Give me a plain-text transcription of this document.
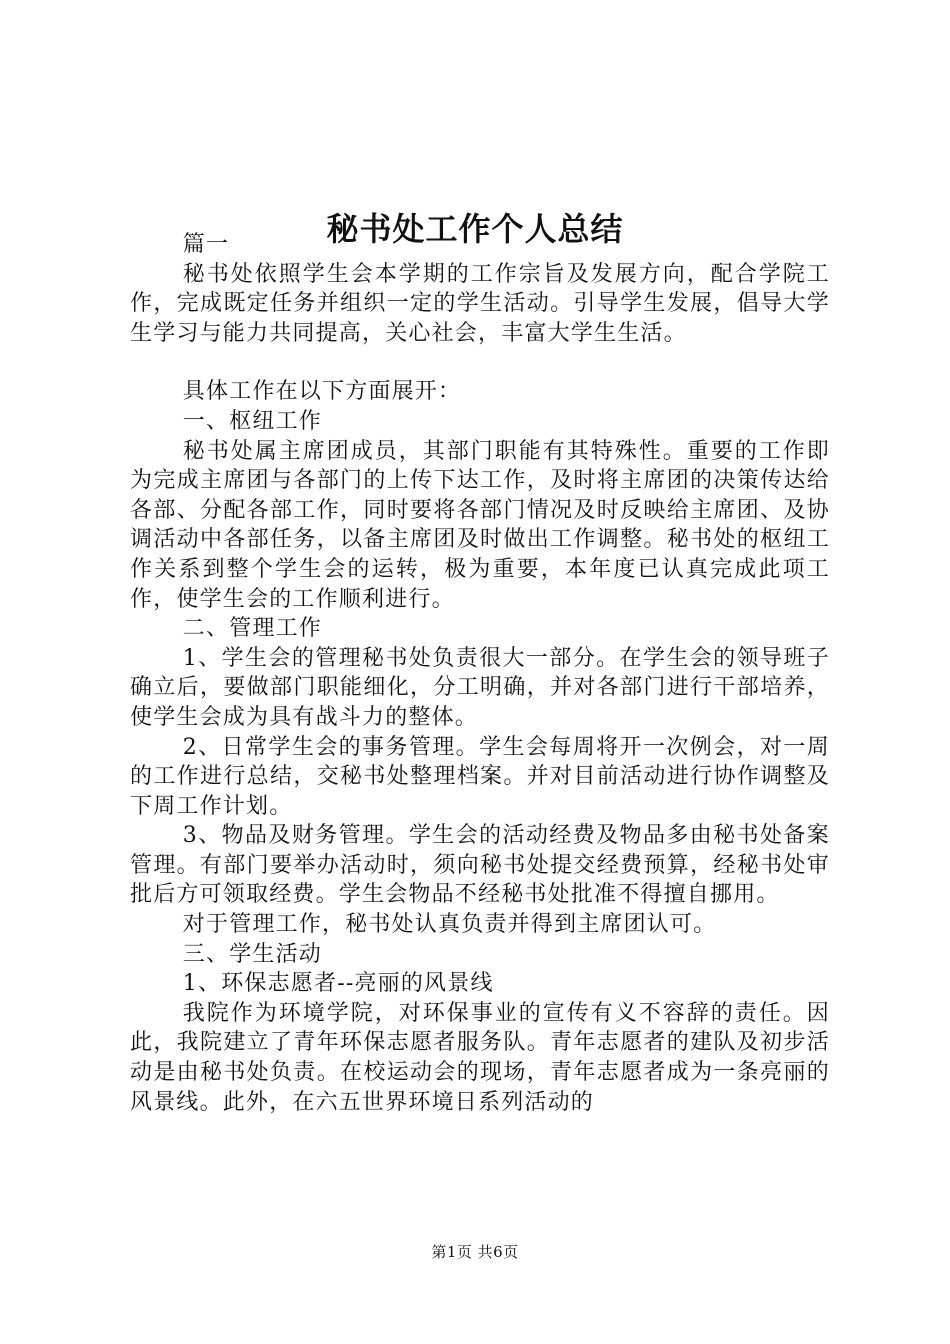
秘书处工作个人总结

篇一

秘书处依照学生会本学期的工作宗旨及发展方向，配合学院工作，完成既定任务并组织一定的学生活动。引导学生发展，倡导大学生学习与能力共同提高，关心社会，丰富大学生生活。

具体工作在以下方面展开：

一、枢纽工作

秘书处属主席团成员，其部门职能有其特殊性。重要的工作即为完成主席团与各部门的上传下达工作，及时将主席团的决策传达给各部、分配各部工作，同时要将各部门情况及时反映给主席团、及协调活动中各部任务，以备主席团及时做出工作调整。秘书处的枢纽工作关系到整个学生会的运转，极为重要，本年度已认真完成此项工作，使学生会的工作顺利进行。

二、管理工作

1、学生会的管理秘书处负责很大一部分。在学生会的领导班子确立后，要做部门职能细化，分工明确，并对各部门进行干部培养，使学生会成为具有战斗力的整体。

2、日常学生会的事务管理。学生会每周将开一次例会，对一周的工作进行总结，交秘书处整理档案。并对目前活动进行协作调整及下周工作计划。

3、物品及财务管理。学生会的活动经费及物品多由秘书处备案管理。有部门要举办活动时，须向秘书处提交经费预算，经秘书处审批后方可领取经费。学生会物品不经秘书处批准不得擅自挪用。

对于管理工作，秘书处认真负责并得到主席团认可。

三、学生活动

1、环保志愿者--亮丽的风景线

我院作为环境学院，对环保事业的宣传有义不容辞的责任。因此，我院建立了青年环保志愿者服务队。青年志愿者的建队及初步活动是由秘书处负责。在校运动会的现场，青年志愿者成为一条亮丽的风景线。此外，在六五世界环境日系列活动的

第1页 共6页
